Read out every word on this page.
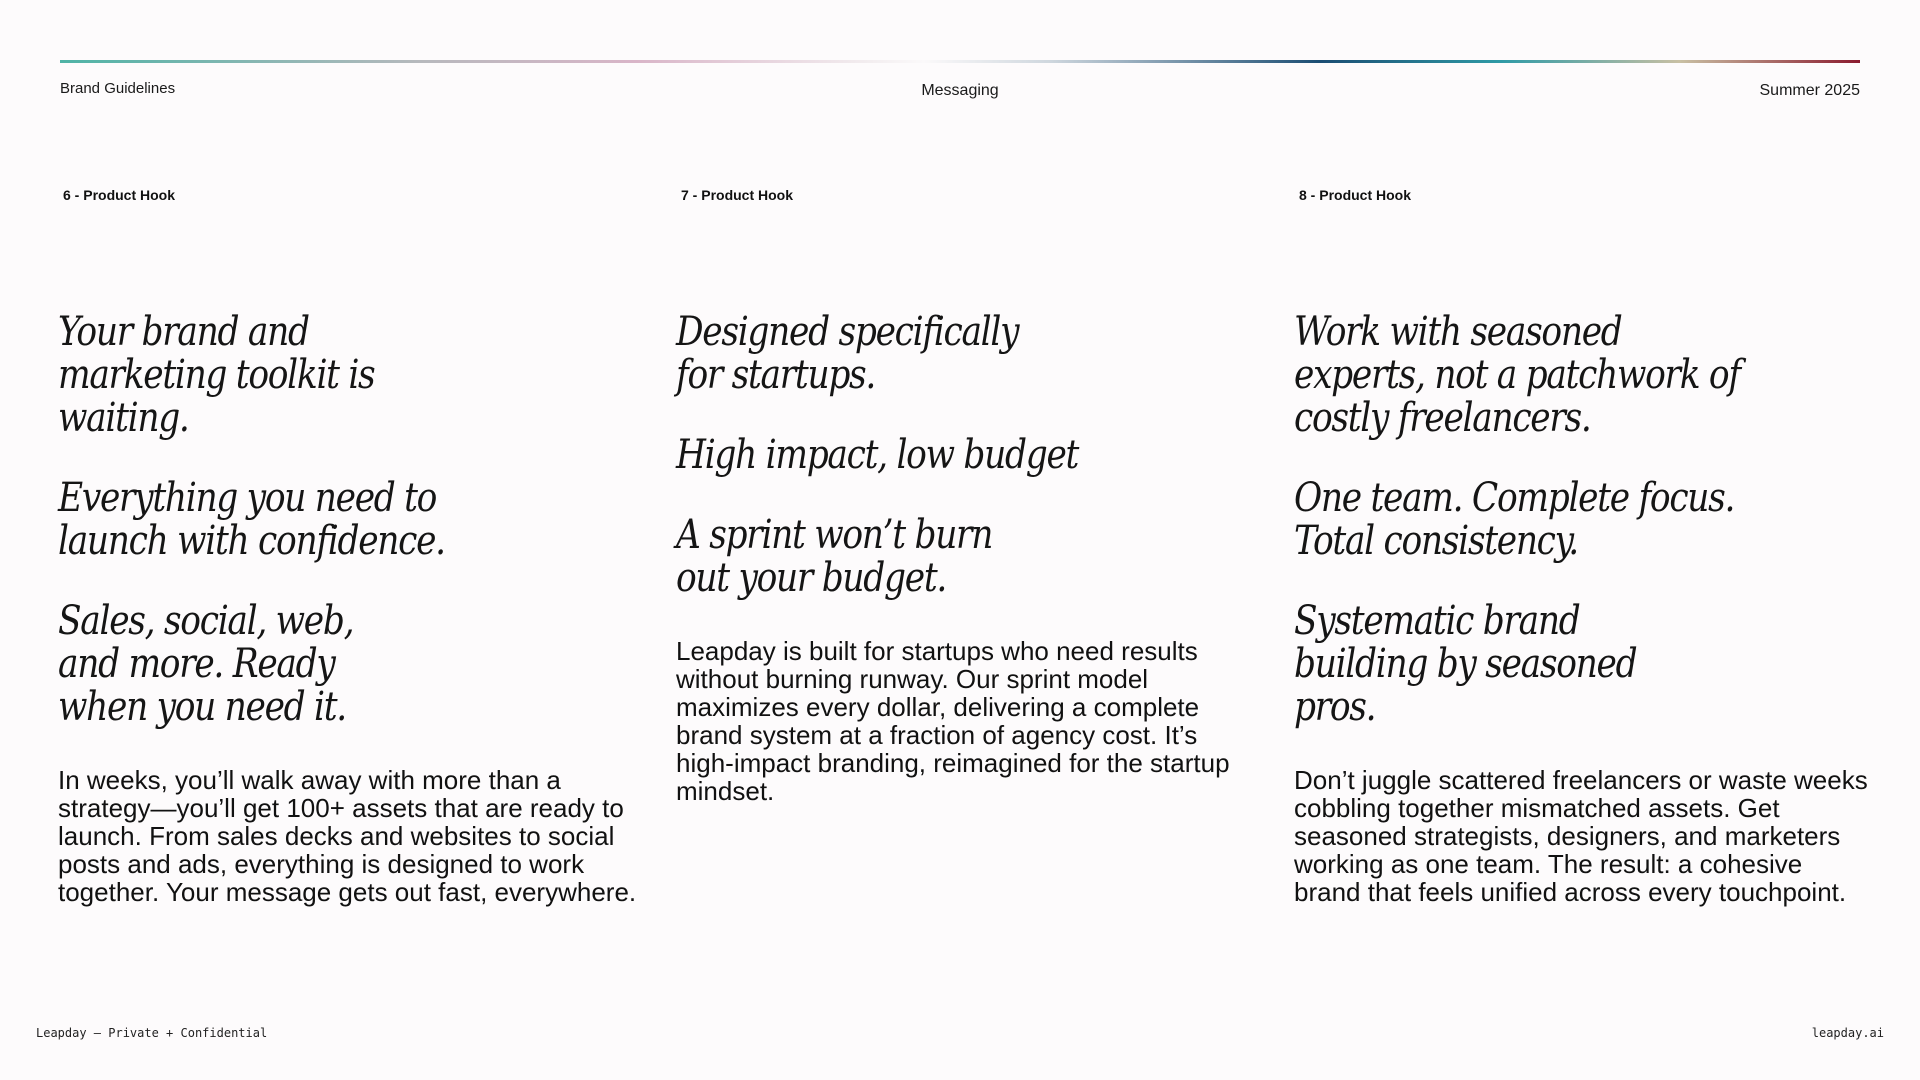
Brand Guidelines	Messaging	Summer 2025
6 - Product Hook
Your brand and marketing toolkit is waiting.
Everything you need to launch with confidence.
Sales, social, web, and more. Ready when you need it.
In weeks, you’ll walk away with more than a strategy—you’ll get 100+ assets that are ready to launch. From sales decks and websites to social posts and ads, everything is designed to work together. Your message gets out fast, everywhere.
7 - Product Hook
Designed specifically for startups.
High impact, low budget
A sprint won’t burn out your budget.
Leapday is built for startups who need results without burning runway. Our sprint model maximizes every dollar, delivering a complete brand system at a fraction of agency cost. It’s high-impact branding, reimagined for the startup mindset.
8 - Product Hook
Work with seasoned experts, not a patchwork of costly freelancers.
One team. Complete focus. Total consistency.
Systematic brand building by seasoned pros.
Don’t juggle scattered freelancers or waste weeks cobbling together mismatched assets. Get seasoned strategists, designers, and marketers working as one team. The result: a cohesive brand that feels unified across every touchpoint.
Leapday – Private + Confidential	leapday.ai
